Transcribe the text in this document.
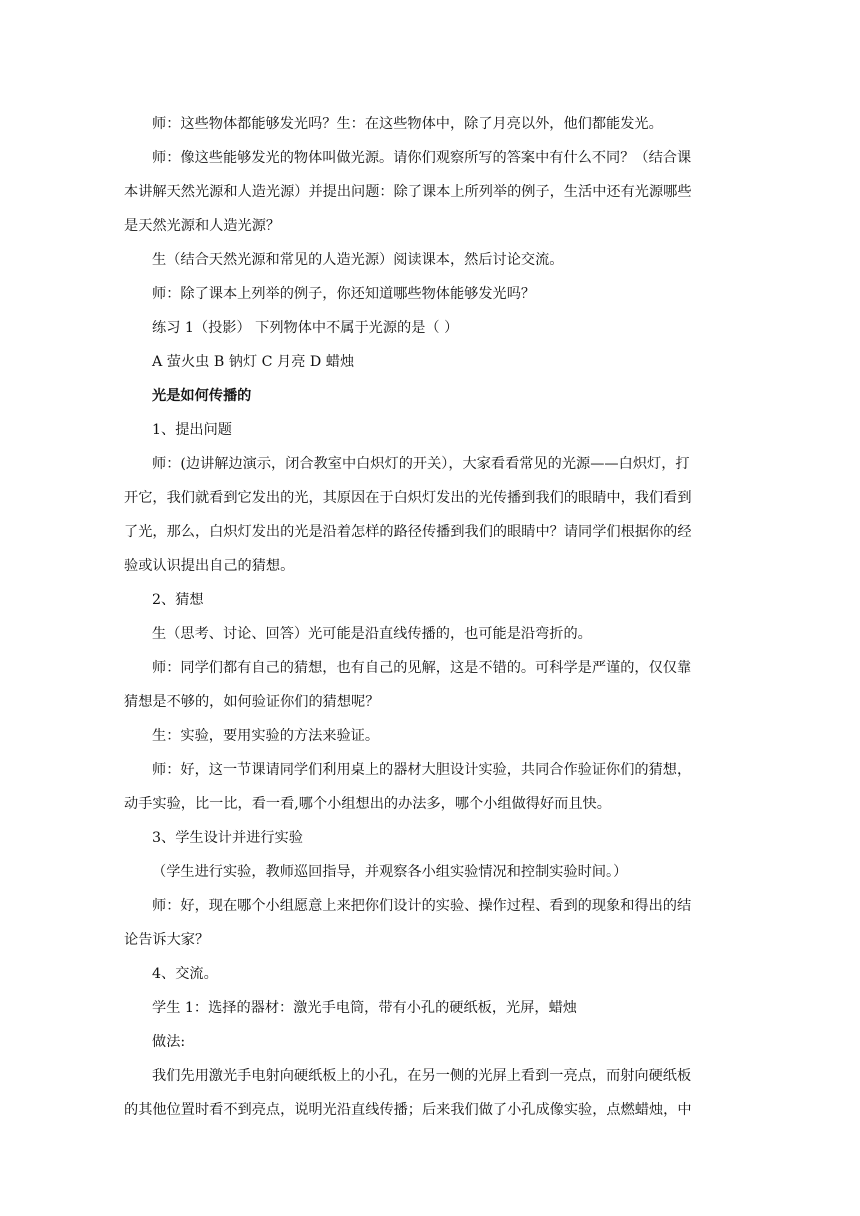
师：这些物体都能够发光吗？生：在这些物体中，除了月亮以外，他们都能发光。
师：像这些能够发光的物体叫做光源。请你们观察所写的答案中有什么不同？（结合课
本讲解天然光源和人造光源）并提出问题：除了课本上所列举的例子，生活中还有光源哪些
是天然光源和人造光源？
生（结合天然光源和常见的人造光源）阅读课本，然后讨论交流。
师：除了课本上列举的例子，你还知道哪些物体能够发光吗？
练习 1（投影） 下列物体中不属于光源的是（ ）
A 萤火虫 B 钠灯 C 月亮 D 蜡烛
光是如何传播的
1、提出问题
师：(边讲解边演示，闭合教室中白炽灯的开关），大家看看常见的光源——白炽灯，打
开它，我们就看到它发出的光，其原因在于白炽灯发出的光传播到我们的眼睛中，我们看到
了光，那么，白炽灯发出的光是沿着怎样的路径传播到我们的眼睛中？请同学们根据你的经
验或认识提出自己的猜想。
2、猜想
生（思考、讨论、回答）光可能是沿直线传播的，也可能是沿弯折的。
师：同学们都有自己的猜想，也有自己的见解，这是不错的。可科学是严谨的，仅仅靠
猜想是不够的，如何验证你们的猜想呢？
生：实验，要用实验的方法来验证。
师：好，这一节课请同学们利用桌上的器材大胆设计实验，共同合作验证你们的猜想，
动手实验，比一比，看一看,哪个小组想出的办法多，哪个小组做得好而且快。
3、学生设计并进行实验
（学生进行实验，教师巡回指导，并观察各小组实验情况和控制实验时间。）
师：好，现在哪个小组愿意上来把你们设计的实验、操作过程、看到的现象和得出的结
论告诉大家？
4、交流。
学生 1：选择的器材：激光手电筒，带有小孔的硬纸板，光屏，蜡烛
做法:
我们先用激光手电射向硬纸板上的小孔，在另一侧的光屏上看到一亮点，而射向硬纸板
的其他位置时看不到亮点，说明光沿直线传播；后来我们做了小孔成像实验，点燃蜡烛，中
